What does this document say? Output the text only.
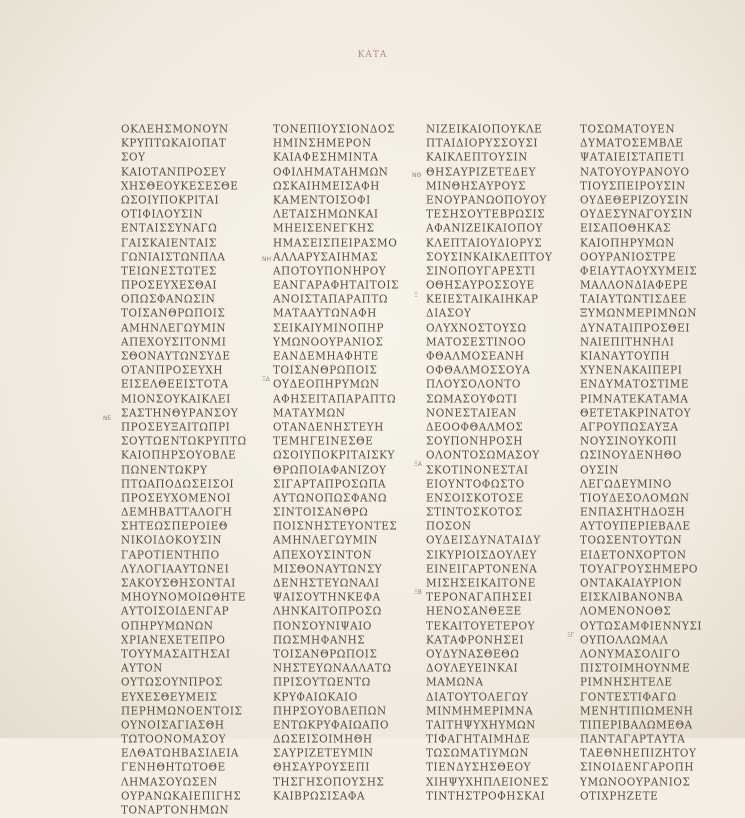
ΚΑΤΑ
ΟΚΛΕΗΣΜΟΝΟΥΝ
ΚΡΥΠΤΩΚΑΙΟΠΑΤ
ΣΟΥ
ΚΑΙΟΤΑΝΠΡΟΣΕΥ
ΧΗΣΘΕΟΥΚΕΣΕΣΘΕ
ΩΣΟΙΥΠΟΚΡΙΤΑΙ
ΟΤΙΦΙΛΟΥΣΙΝ
ΕΝΤΑΙΣΣΥΝΑΓΩ
ΓΑΙΣΚΑΙΕΝΤΑΙΣ
ΓΩΝΙΑΙΣΤΩΝΠΛΑ
ΤΕΙΩΝΕΣΤΩΤΕΣ
ΠΡΟΣΕΥΧΕΣΘΑΙ
ΟΠΩΣΦΑΝΩΣΙΝ
ΤΟΙΣΑΝΘΡΩΠΟΙΣ
ΑΜΗΝΛΕΓΩΥΜΙΝ
ΑΠΕΧΟΥΣΙΤΟΝΜΙ
ΣΘΟΝΑΥΤΩΝΣΥΔΕ
ΟΤΑΝΠΡΟΣΕΥΧΗ
ΕΙΣΕΛΘΕΕΙΣΤΟΤΑ
ΜΙΟΝΣΟΥΚΑΙΚΛΕΙ
ΣΑΣΤΗΝΘΥΡΑΝΣΟΥ
ΠΡΟΣΕΥΞΑΙΤΩΠΡΙ
ΣΟΥΤΩΕΝΤΩΚΡΥΠΤΩ
ΚΑΙΟΠΗΡΣΟΥΟΒΛΕ
ΠΩΝΕΝΤΩΚΡΥ
ΠΤΩΑΠΟΔΩΣΕΙΣΟΙ
ΠΡΟΣΕΥΧΟΜΕΝΟΙ
ΔΕΜΗΒΑΤΤΑΛΟΓΗ
ΣΗΤΕΩΣΠΕΡΟΙΕΘ
ΝΙΚΟΙΔΟΚΟΥΣΙΝ
ΓΑΡΟΤΙΕΝΤΗΠΟ
ΛΥΛΟΓΙΑΑΥΤΩΝΕΙ
ΣΑΚΟΥΣΘΗΣΟΝΤΑΙ
ΜΗΟΥΝΟΜΟΙΩΘΗΤΕ
ΑΥΤΟΙΣΟΙΔΕΝΓΑΡ
ΟΠΗΡΥΜΩΝΩΝ
ΧΡΙΑΝΕΧΕΤΕΠΡΟ
ΤΟΥΥΜΑΣΑΙΤΗΣΑΙ
ΑΥΤΟΝ
ΟΥΤΩΣΟΥΝΠΡΟΣ
ΕΥΧΕΣΘΕΥΜΕΙΣ
ΠΕΡΗΜΩΝΟΕΝΤΟΙΣ
ΟΥΝΟΙΣΑΓΙΑΣΘΗ
ΤΩΤΟΟΝΟΜΑΣΟΥ
ΕΛΘΑΤΩΗΒΑΣΙΛΕΙΑ
ΓΕΝΗΘΗΤΩΤΟΘΕ
ΛΗΜΑΣΟΥΩΣΕΝ
ΟΥΡΑΝΩΚΑΙΕΠΙΓΗΣ
ΤΟΝΑΡΤΟΝΗΜΩΝ
ΤΟΝΕΠΙΟΥΣΙΟΝΔΟΣ
ΗΜΙΝΣΗΜΕΡΟΝ
ΚΑΙΑΦΕΣΗΜΙΝΤΑ
ΟΦΙΛΗΜΑΤΑΗΜΩΝ
ΩΣΚΑΙΗΜΕΙΣΑΦΗ
ΚΑΜΕΝΤΟΙΣΟΦΙ
ΛΕΤΑΙΣΗΜΩΝΚΑΙ
ΜΗΕΙΣΕΝΕΓΚΗΣ
ΗΜΑΣΕΙΣΠΕΙΡΑΣΜΟ
ΑΛΛΑΡΥΣΑΙΗΜΑΣ
ΑΠΟΤΟΥΠΟΝΗΡΟΥ
ΕΑΝΓΑΡΑΦΗΤΑΙΤΟΙΣ
ΑΝΟΙΣΤΑΠΑΡΑΠΤΩ
ΜΑΤΑΑΥΤΩΝΑΦΗ
ΣΕΙΚΑΙΥΜΙΝΟΠΗΡ
ΥΜΩΝΟΟΥΡΑΝΙΟΣ
ΕΑΝΔΕΜΗΑΦΗΤΕ
ΤΟΙΣΑΝΘΡΩΠΟΙΣ
ΟΥΔΕΟΠΗΡΥΜΩΝ
ΑΦΗΣΕΙΤΑΠΑΡΑΠΤΩ
ΜΑΤΑΥΜΩΝ
ΟΤΑΝΔΕΝΗΣΤΕΥΗ
ΤΕΜΗΓΕΙΝΕΣΘΕ
ΩΣΟΙΥΠΟΚΡΙΤΑΙΣΚΥ
ΘΡΩΠΟΙΑΦΑΝΙΖΟΥ
ΣΙΓΑΡΤΑΠΡΟΣΩΠΑ
ΑΥΤΩΝΟΠΩΣΦΑΝΩ
ΣΙΝΤΟΙΣΑΝΘΡΩ
ΠΟΙΣΝΗΣΤΕΥΟΝΤΕΣ
ΑΜΗΝΛΕΓΩΥΜΙΝ
ΑΠΕΧΟΥΣΙΝΤΟΝ
ΜΙΣΘΟΝΑΥΤΩΝΣΥ
ΔΕΝΗΣΤΕΥΩΝΑΛΙ
ΨΑΙΣΟΥΤΗΝΚΕΦΑ
ΛΗΝΚΑΙΤΟΠΡΟΣΩ
ΠΟΝΣΟΥΝΙΨΑΙΟ
ΠΩΣΜΗΦΑΝΗΣ
ΤΟΙΣΑΝΘΡΩΠΟΙΣ
ΝΗΣΤΕΥΩΝΑΛΛΑΤΩ
ΠΡΙΣΟΥΤΩΕΝΤΩ
ΚΡΥΦΑΙΩΚΑΙΟ
ΠΗΡΣΟΥΟΒΛΕΠΩΝ
ΕΝΤΩΚΡΥΦΑΙΩΑΠΟ
ΔΩΣΕΙΣΟΙΜΗΘΗ
ΣΑΥΡΙΖΕΤΕΥΜΙΝ
ΘΗΣΑΥΡΟΥΣΕΠΙ
ΤΗΣΓΗΣΟΠΟΥΣΗΣ
ΚΑΙΒΡΩΣΙΣΑΦΑ
ΝΙΖΕΙΚΑΙΟΠΟΥΚΛΕ
ΠΤΑΙΔΙΟΡΥΣΣΟΥΣΙ
ΚΑΙΚΛΕΠΤΟΥΣΙΝ
ΘΗΣΑΥΡΙΖΕΤΕΔΕΥ
ΜΙΝΘΗΣΑΥΡΟΥΣ
ΕΝΟΥΡΑΝΩΟΠΟΥΟΥ
ΤΕΣΗΣΟΥΤΕΒΡΩΣΙΣ
ΑΦΑΝΙΖΕΙΚΑΙΟΠΟΥ
ΚΛΕΠΤΑΙΟΥΔΙΟΡΥΣ
ΣΟΥΣΙΝΚΑΙΚΛΕΠΤΟΥ
ΣΙΝΟΠΟΥΓΑΡΕΣΤΙ
ΟΘΗΣΑΥΡΟΣΣΟΥΕ
ΚΕΙΕΣΤΑΙΚΑΙΗΚΑΡ
ΔΙΑΣΟΥ
ΟΛΥΧΝΟΣΤΟΥΣΩ
ΜΑΤΟΣΕΣΤΙΝΟΟ
ΦΘΑΛΜΟΣΕΑΝΗ
ΟΦΘΑΛΜΟΣΣΟΥΑ
ΠΛΟΥΣΟΛΟΝΤΟ
ΣΩΜΑΣΟΥΦΩΤΙ
ΝΟΝΕΣΤΑΙΕΑΝ
ΔΕΟΟΦΘΑΛΜΟΣ
ΣΟΥΠΟΝΗΡΟΣΗ
ΟΛΟΝΤΟΣΩΜΑΣΟΥ
ΣΚΟΤΙΝΟΝΕΣΤΑΙ
ΕΙΟΥΝΤΟΦΩΣΤΟ
ΕΝΣΟΙΣΚΟΤΟΣΕ
ΣΤΙΝΤΟΣΚΟΤΟΣ
ΠΟΣΟΝ
ΟΥΔΕΙΣΔΥΝΑΤΑΙΔΥ
ΣΙΚΥΡΙΟΙΣΔΟΥΛΕΥ
ΕΙΝΕΙΓΑΡΤΟΝΕΝΑ
ΜΙΣΗΣΕΙΚΑΙΤΟΝΕ
ΤΕΡΟΝΑΓΑΠΗΣΕΙ
ΗΕΝΟΣΑΝΘΕΞΕ
ΤΕΚΑΙΤΟΥΕΤΕΡΟΥ
ΚΑΤΑΦΡΟΝΗΣΕΙ
ΟΥΔΥΝΑΣΘΕΘΩ
ΔΟΥΛΕΥΕΙΝΚΑΙ
ΜΑΜΩΝΑ
ΔΙΑΤΟΥΤΟΛΕΓΩΥ
ΜΙΝΜΗΜΕΡΙΜΝΑ
ΤΑΙΤΗΨΥΧΗΥΜΩΝ
ΤΙΦΑΓΗΤΑΙΜΗΔΕ
ΤΩΣΩΜΑΤΙΥΜΩΝ
ΤΙΕΝΔΥΣΗΣΘΕΟΥ
ΧΙΗΨΥΧΗΠΛΕΙΟΝΕΣ
ΤΙΝΤΗΣΤΡΟΦΗΣΚΑΙ
ΤΟΣΩΜΑΤΟΥΕΝ
ΔΥΜΑΤΟΣΕΜΒΛΕ
ΨΑΤΑΙΕΙΣΤΑΠΕΤΙ
ΝΑΤΟΥΟΥΡΑΝΟΥΟ
ΤΙΟΥΣΠΕΙΡΟΥΣΙΝ
ΟΥΔΕΘΕΡΙΖΟΥΣΙΝ
ΟΥΔΕΣΥΝΑΓΟΥΣΙΝ
ΕΙΣΑΠΟΘΗΚΑΣ
ΚΑΙΟΠΗΡΥΜΩΝ
ΟΟΥΡΑΝΙΟΣΤΡΕ
ΦΕΙΑΥΤΑΟΥΧΥΜΕΙΣ
ΜΑΛΛΟΝΔΙΑΦΕΡΕ
ΤΑΙΑΥΤΩΝΤΙΣΔΕΕ
ΞΥΜΩΝΜΕΡΙΜΝΩΝ
ΔΥΝΑΤΑΙΠΡΟΣΘΕΙ
ΝΑΙΕΠΙΤΗΝΗΛΙ
ΚΙΑΝΑΥΤΟΥΠΗ
ΧΥΝΕΝΑΚΑΙΠΕΡΙ
ΕΝΔΥΜΑΤΟΣΤΙΜΕ
ΡΙΜΝΑΤΕΚΑΤΑΜΑ
ΘΕΤΕΤΑΚΡΙΝΑΤΟΥ
ΑΓΡΟΥΠΩΣΑΥΞΑ
ΝΟΥΣΙΝΟΥΚΟΠΙ
ΩΣΙΝΟΥΔΕΝΗΘΟ
ΟΥΣΙΝ
ΛΕΓΩΔΕΥΜΙΝΟ
ΤΙΟΥΔΕΣΟΛΟΜΩΝ
ΕΝΠΑΣΗΤΗΔΟΞΗ
ΑΥΤΟΥΠΕΡΙΕΒΑΛΕ
ΤΟΩΣΕΝΤΟΥΤΩΝ
ΕΙΔΕΤΟΝΧΟΡΤΟΝ
ΤΟΥΑΓΡΟΥΣΗΜΕΡΟ
ΟΝΤΑΚΑΙΑΥΡΙΟΝ
ΕΙΣΚΛΙΒΑΝΟΝΒΑ
ΛΟΜΕΝΟΝΟΘΣ
ΟΥΤΩΣΑΜΦΙΕΝΝΥΣΙ
ΟΥΠΟΛΛΩΜΑΛ
ΛΟΝΥΜΑΣΟΛΙΓΟ
ΠΙΣΤΟΙΜΗΟΥΝΜΕ
ΡΙΜΝΗΣΗΤΕΛΕ
ΓΟΝΤΕΣΤΙΦΑΓΩ
ΜΕΝΗΤΙΠΙΩΜΕΝΗ
ΤΙΠΕΡΙΒΑΛΩΜΕΘΑ
ΠΑΝΤΑΓΑΡΤΑΥΤΑ
ΤΑΕΘΝΗΕΠΙΖΗΤΟΥ
ΣΙΝΟΙΔΕΝΓΑΡΟΠΗ
ΥΜΩΝΟΟΥΡΑΝΙΟΣ
ΟΤΙΧΡΗΖΕΤΕ
ΝΕ
ΝΗ
ΝΘ
Ξ
ΞΑ
ΞΒ
ΞΓ
ΞΔ
